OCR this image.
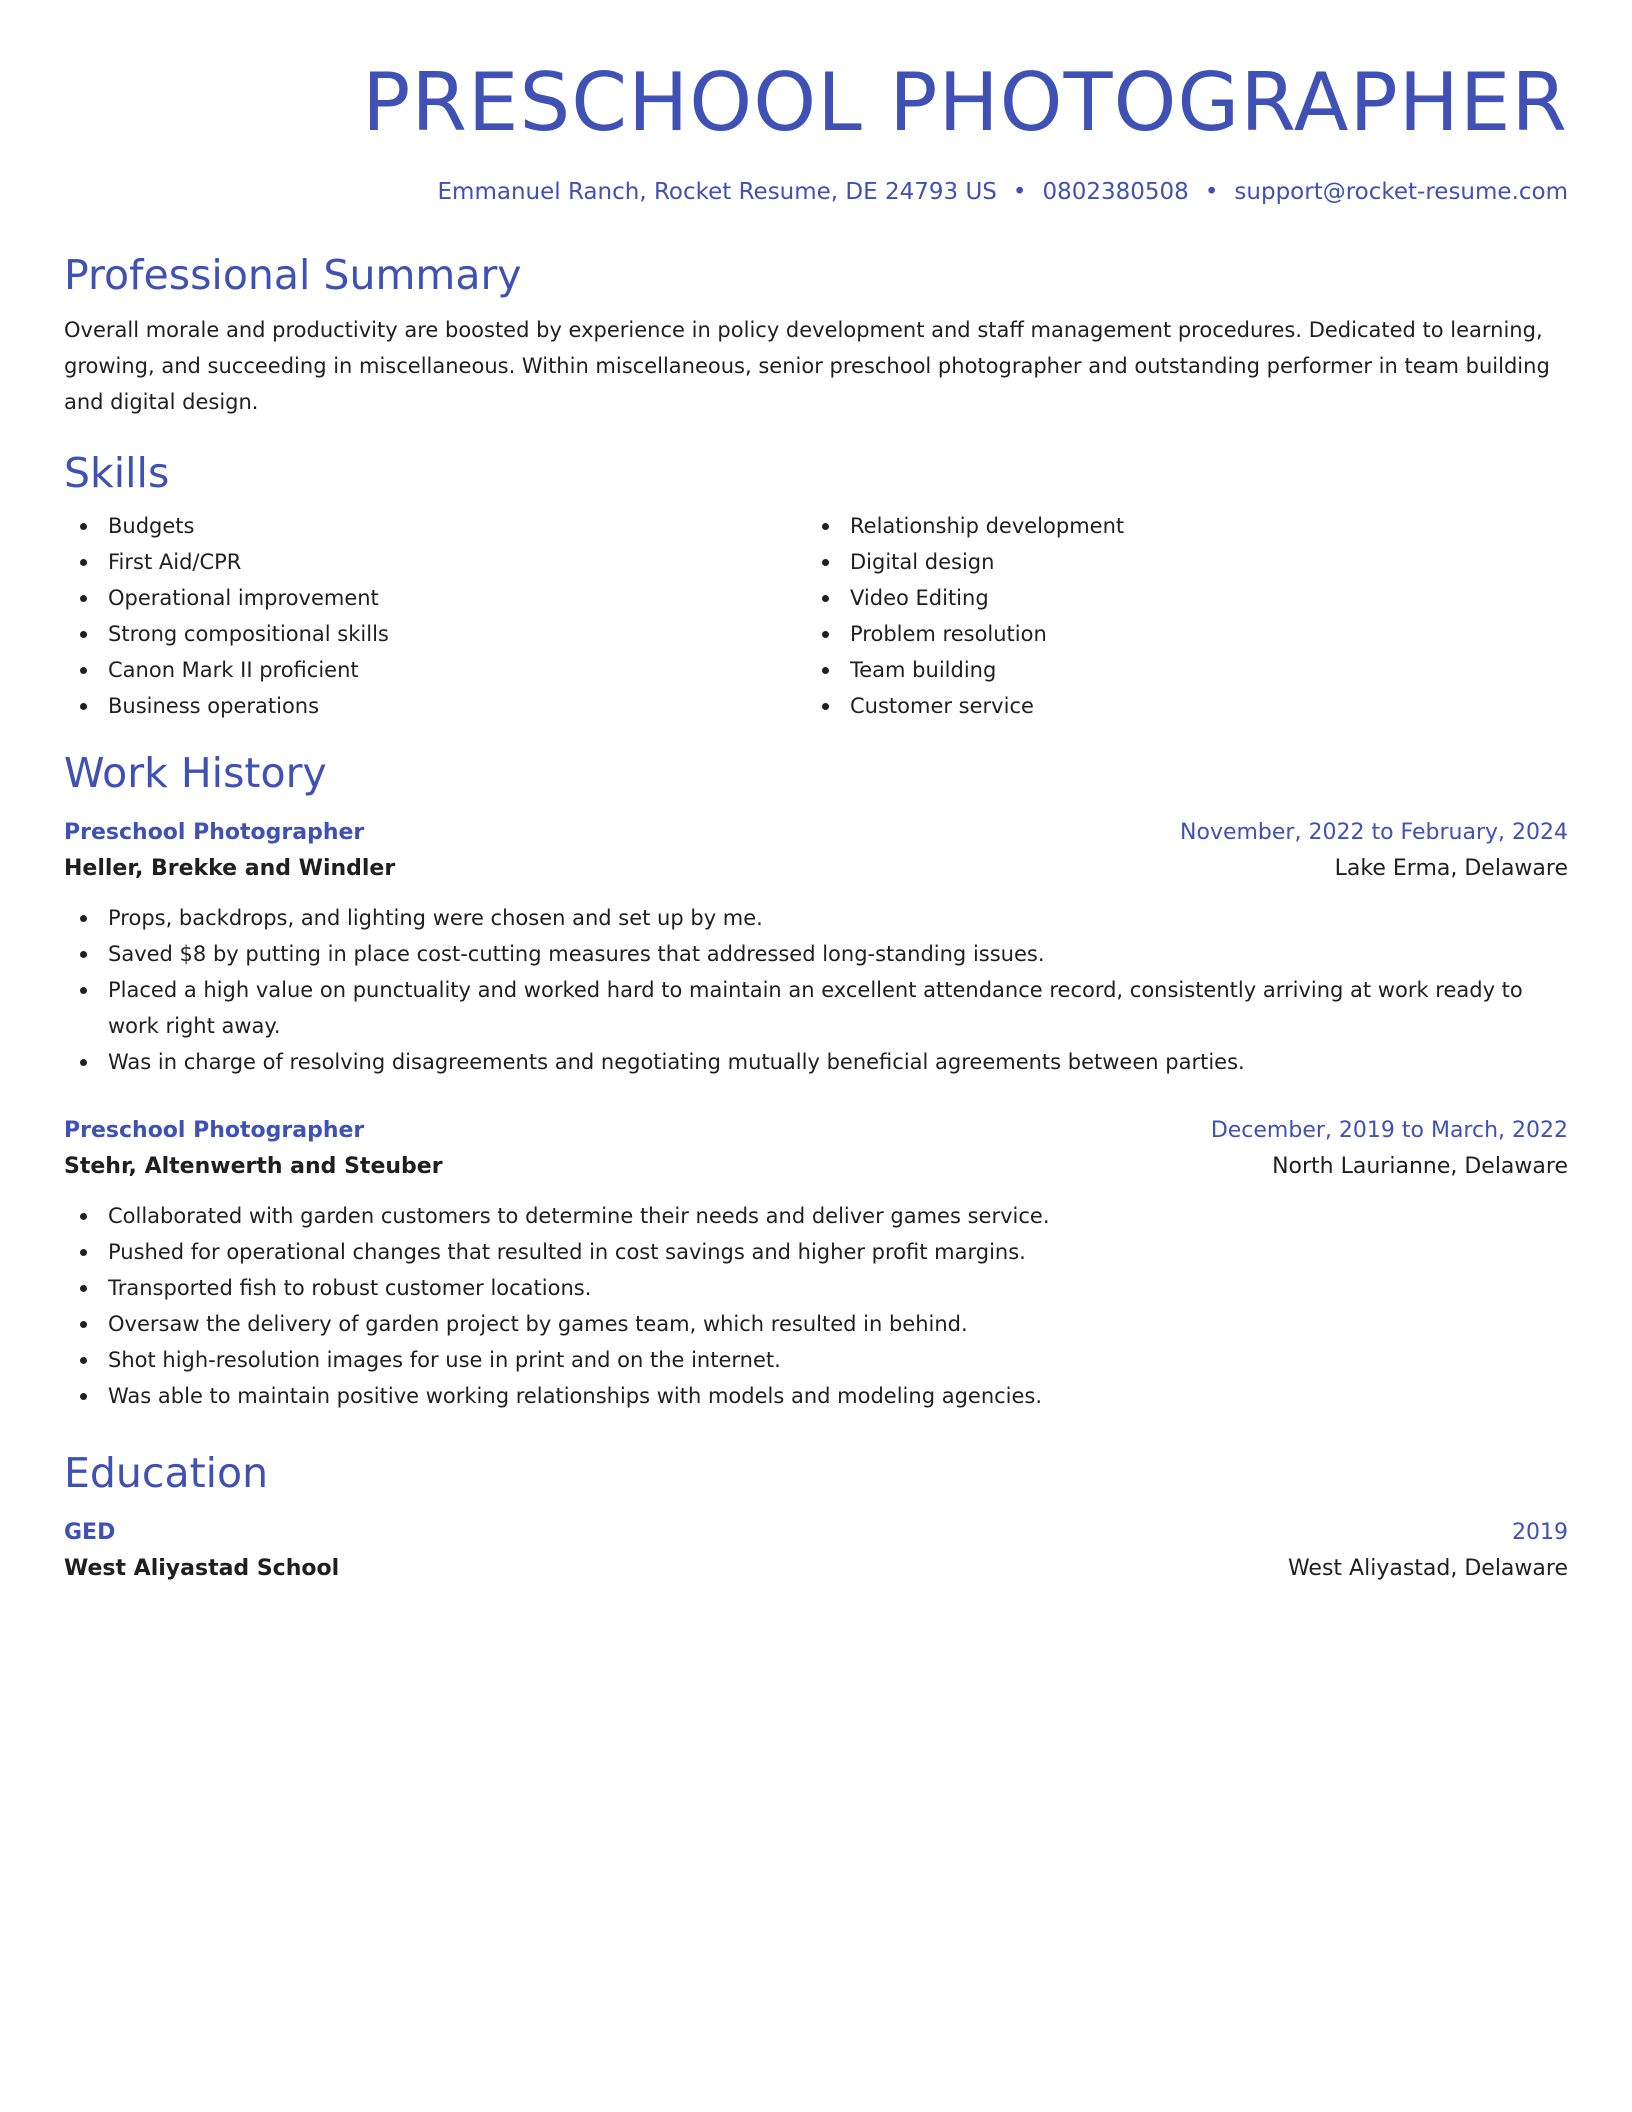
PRESCHOOL PHOTOGRAPHER
Emmanuel Ranch, Rocket Resume, DE 24793 US • 0802380508 • support@rocket-resume.com
Professional Summary
Overall morale and productivity are boosted by experience in policy development and staff management procedures. Dedicated to learning, growing, and succeeding in miscellaneous. Within miscellaneous, senior preschool photographer and outstanding performer in team building and digital design.
Skills
Budgets
First Aid/CPR
Operational improvement
Strong compositional skills
Canon Mark II proficient
Business operations
Relationship development
Digital design
Video Editing
Problem resolution
Team building
Customer service
Work History
Preschool Photographer	November, 2022 to February, 2024
Heller, Brekke and Windler	Lake Erma, Delaware
Props, backdrops, and lighting were chosen and set up by me.
Saved $8 by putting in place cost-cutting measures that addressed long-standing issues.
Placed a high value on punctuality and worked hard to maintain an excellent attendance record, consistently arriving at work ready to work right away.
Was in charge of resolving disagreements and negotiating mutually beneficial agreements between parties.
Preschool Photographer	December, 2019 to March, 2022
Stehr, Altenwerth and Steuber	North Laurianne, Delaware
Collaborated with garden customers to determine their needs and deliver games service.
Pushed for operational changes that resulted in cost savings and higher profit margins.
Transported fish to robust customer locations.
Oversaw the delivery of garden project by games team, which resulted in behind.
Shot high-resolution images for use in print and on the internet.
Was able to maintain positive working relationships with models and modeling agencies.
Education
GED	2019
West Aliyastad School	West Aliyastad, Delaware
